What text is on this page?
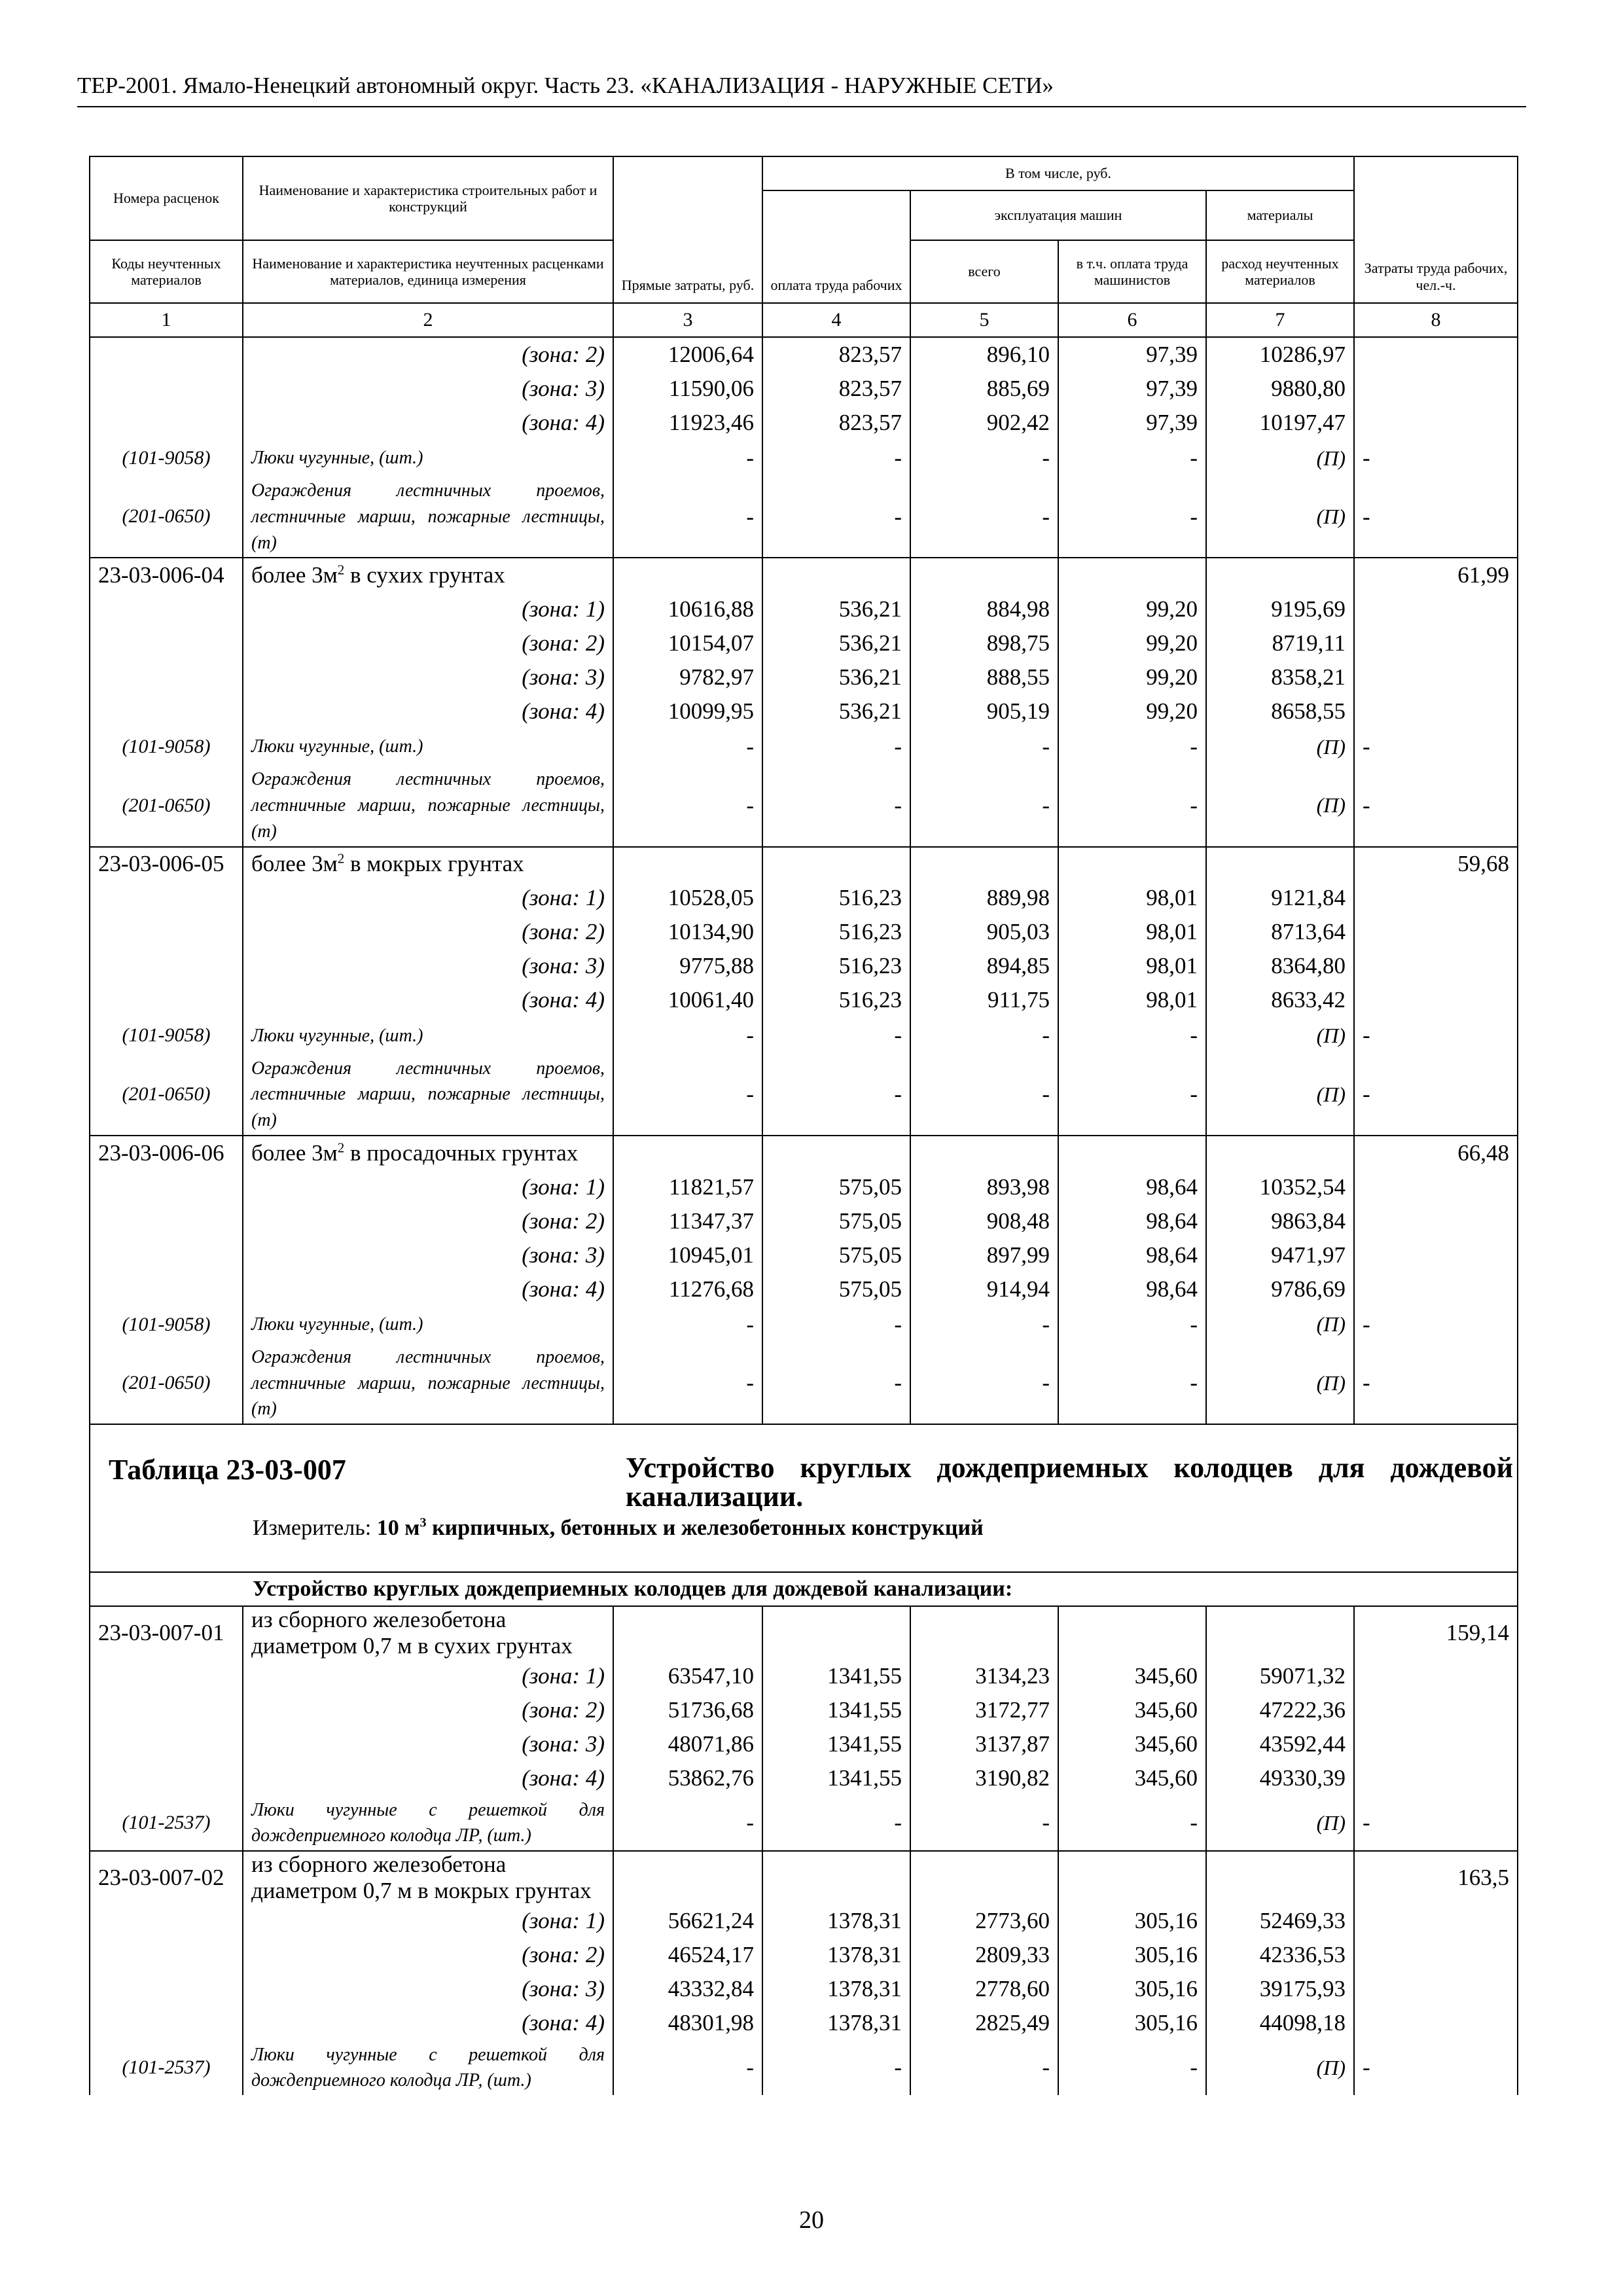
ТЕР-2001. Ямало-Ненецкий автономный округ. Часть 23. «КАНАЛИЗАЦИЯ - НАРУЖНЫЕ СЕТИ»
Номера расценок	Наименование и характеристика строительных работ и конструкций	Прямые затраты, руб.	В том числе, руб.				Затраты труда рабочих, чел.-ч.
			оплата труда рабочих	эксплуатация машин		материалы	
Коды неучтенных материалов	Наименование и характеристика неучтенных расценками материалов, единица измерения			всего	в т.ч. оплата труда машинистов	расход неучтенных материалов	
1	2	3	4	5	6	7	8
	(зона: 2)	12006,64	823,57	896,10	97,39	10286,97	
	(зона: 3)	11590,06	823,57	885,69	97,39	9880,80	
	(зона: 4)	11923,46	823,57	902,42	97,39	10197,47	
(101-9058)	Люки чугунные, (шт.)	-	-	-	-	(П)	-
(201-0650)	Ограждения лестничных проемов, лестничные марши, пожарные лестницы, (т)	-	-	-	-	(П)	-
23-03-006-04	более $3м^2$ в сухих грунтах						61,99
	(зона: 1)	10616,88	536,21	884,98	99,20	9195,69	
	(зона: 2)	10154,07	536,21	898,75	99,20	8719,11	
	(зона: 3)	9782,97	536,21	888,55	99,20	8358,21	
	(зона: 4)	10099,95	536,21	905,19	99,20	8658,55	
(101-9058)	Люки чугунные, (шт.)	-	-	-	-	(П)	-
(201-0650)	Ограждения лестничных проемов, лестничные марши, пожарные лестницы, (т)	-	-	-	-	(П)	-
23-03-006-05	более $3м^2$ в мокрых грунтах						59,68
	(зона: 1)	10528,05	516,23	889,98	98,01	9121,84	
	(зона: 2)	10134,90	516,23	905,03	98,01	8713,64	
	(зона: 3)	9775,88	516,23	894,85	98,01	8364,80	
	(зона: 4)	10061,40	516,23	911,75	98,01	8633,42	
(101-9058)	Люки чугунные, (шт.)	-	-	-	-	(П)	-
(201-0650)	Ограждения лестничных проемов, лестничные марши, пожарные лестницы, (т)	-	-	-	-	(П)	-
23-03-006-06	более $3м^2$ в просадочных грунтах						66,48
	(зона: 1)	11821,57	575,05	893,98	98,64	10352,54	
	(зона: 2)	11347,37	575,05	908,48	98,64	9863,84	
	(зона: 3)	10945,01	575,05	897,99	98,64	9471,97	
	(зона: 4)	11276,68	575,05	914,94	98,64	9786,69	
(101-9058)	Люки чугунные, (шт.)	-	-	-	-	(П)	-
(201-0650)	Ограждения лестничных проемов, лестничные марши, пожарные лестницы, (т)	-	-	-	-	(П)	-

Таблица 23-03-007 Устройство круглых дождеприемных колодцев для дождевой канализации.
Измеритель: 10 $м^3$ кирпичных, бетонных и железобетонных конструкций							

Устройство круглых дождеприемных колодцев для дождевой канализации:							
23-03-007-01	из сборного железобетона диаметром 0,7 м в сухих грунтах						159,14
	(зона: 1)	63547,10	1341,55	3134,23	345,60	59071,32	
	(зона: 2)	51736,68	1341,55	3172,77	345,60	47222,36	
	(зона: 3)	48071,86	1341,55	3137,87	345,60	43592,44	
	(зона: 4)	53862,76	1341,55	3190,82	345,60	49330,39	
(101-2537)	Люки чугунные с решеткой для дождеприемного колодца ЛР, (шт.)	-	-	-	-	(П)	-
23-03-007-02	из сборного железобетона диаметром 0,7 м в мокрых грунтах						163,5
	(зона: 1)	56621,24	1378,31	2773,60	305,16	52469,33	
	(зона: 2)	46524,17	1378,31	2809,33	305,16	42336,53	
	(зона: 3)	43332,84	1378,31	2778,60	305,16	39175,93	
	(зона: 4)	48301,98	1378,31	2825,49	305,16	44098,18	
(101-2537)	Люки чугунные с решеткой для дождеприемного колодца ЛР, (шт.)	-	-	-	-	(П)	-
20
